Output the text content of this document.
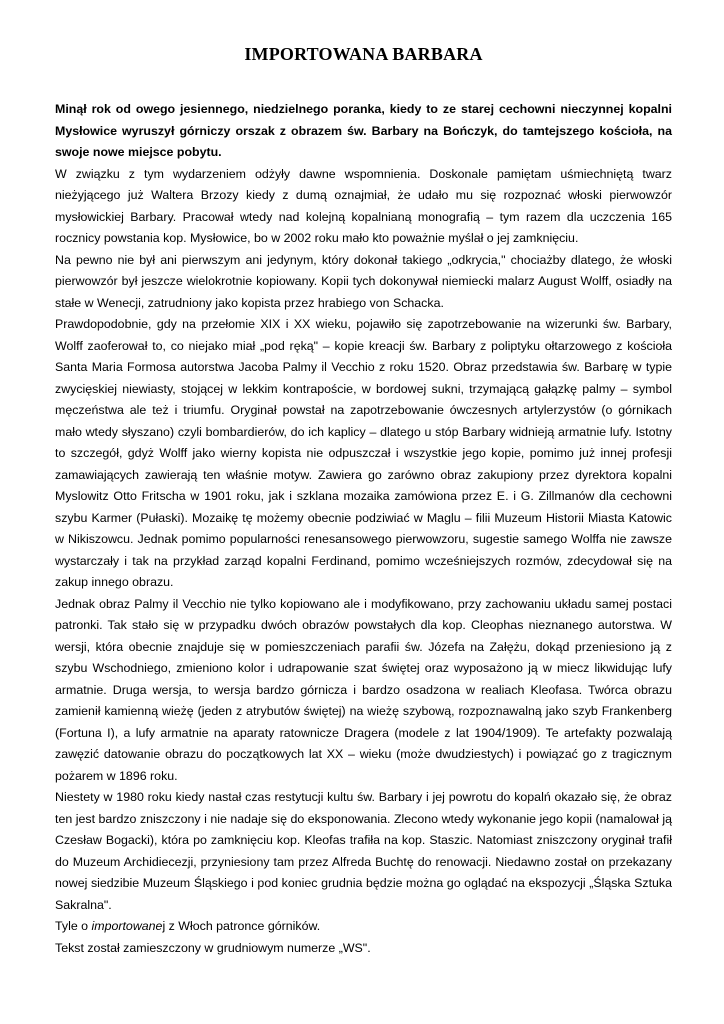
IMPORTOWANA BARBARA

Minął rok od owego jesiennego, niedzielnego poranka, kiedy to ze starej cechowni nieczynnej kopalni Mysłowice wyruszył górniczy orszak z obrazem św. Barbary na Bończyk, do tamtejszego kościoła, na swoje nowe miejsce pobytu.

W związku z tym wydarzeniem odżyły dawne wspomnienia. Doskonale pamiętam uśmiechniętą twarz nieżyjącego już Waltera Brzozy kiedy z dumą oznajmiał, że udało mu się rozpoznać włoski pierwowzór mysłowickiej Barbary. Pracował wtedy nad kolejną kopalnianą monografią – tym razem dla uczczenia 165 rocznicy powstania kop. Mysłowice, bo w 2002 roku mało kto poważnie myślał o jej zamknięciu.

Na pewno nie był ani pierwszym ani jedynym, który dokonał takiego „odkrycia," chociażby dlatego, że włoski pierwowzór był jeszcze wielokrotnie kopiowany. Kopii tych dokonywał niemiecki malarz August Wolff, osiadły na stałe w Wenecji, zatrudniony jako kopista przez hrabiego von Schacka.

Prawdopodobnie, gdy na przełomie XIX i XX wieku, pojawiło się zapotrzebowanie na wizerunki św. Barbary, Wolff zaoferował to, co niejako miał „pod ręką" – kopie kreacji św. Barbary z poliptyku ołtarzowego z kościoła Santa Maria Formosa autorstwa Jacoba Palmy il Vecchio z roku 1520. Obraz przedstawia św. Barbarę w typie zwycięskiej niewiasty, stojącej w lekkim kontrapoście, w bordowej sukni, trzymającą gałązkę palmy – symbol męczeństwa ale też i triumfu. Oryginał powstał na zapotrzebowanie ówczesnych artylerzystów (o górnikach mało wtedy słyszano) czyli bombardierów, do ich kaplicy – dlatego u stóp Barbary widnieją armatnie lufy. Istotny to szczegół, gdyż Wolff jako wierny kopista nie odpuszczał i wszystkie jego kopie, pomimo już innej profesji zamawiających zawierają ten właśnie motyw. Zawiera go zarówno obraz zakupiony przez dyrektora kopalni Myslowitz Otto Fritscha w 1901 roku, jak i szklana mozaika zamówiona przez E. i G. Zillmanów dla cechowni szybu Karmer (Pułaski). Mozaikę tę możemy obecnie podziwiać w Maglu – filii Muzeum Historii Miasta Katowic w Nikiszowcu. Jednak pomimo popularności renesansowego pierwowzoru, sugestie samego Wolffa nie zawsze wystarczały i tak na przykład zarząd kopalni Ferdinand, pomimo wcześniejszych rozmów, zdecydował się na zakup innego obrazu.

Jednak obraz Palmy il Vecchio nie tylko kopiowano ale i modyfikowano, przy zachowaniu układu samej postaci patronki. Tak stało się w przypadku dwóch obrazów powstałych dla kop. Cleophas nieznanego autorstwa. W wersji, która obecnie znajduje się w pomieszczeniach parafii św. Józefa na Załężu, dokąd przeniesiono ją z szybu Wschodniego, zmieniono kolor i udrapowanie szat świętej oraz wyposażono ją w miecz likwidując lufy armatnie. Druga wersja, to wersja bardzo górnicza i bardzo osadzona w realiach Kleofasa. Twórca obrazu zamienił kamienną wieżę (jeden z atrybutów świętej) na wieżę szybową, rozpoznawalną jako szyb Frankenberg (Fortuna I), a lufy armatnie na aparaty ratownicze Dragera (modele z lat 1904/1909). Te artefakty pozwalają zawęzić datowanie obrazu do początkowych lat XX – wieku (może dwudziestych) i powiązać go z tragicznym pożarem w 1896 roku.

Niestety w 1980 roku kiedy nastał czas restytucji kultu św. Barbary i jej powrotu do kopalń okazało się, że obraz ten jest bardzo zniszczony i nie nadaje się do eksponowania. Zlecono wtedy wykonanie jego kopii (namalował ją Czesław Bogacki), która po zamknięciu kop. Kleofas trafiła na kop. Staszic. Natomiast zniszczony oryginał trafił do Muzeum Archidiecezji, przyniesiony tam przez Alfreda Buchtę do renowacji. Niedawno został on przekazany nowej siedzibie Muzeum Śląskiego i pod koniec grudnia będzie można go oglądać na ekspozycji „Śląska Sztuka Sakralna".

Tyle o importowanej z Włoch patronce górników.

Tekst został zamieszczony w grudniowym numerze „WS".
